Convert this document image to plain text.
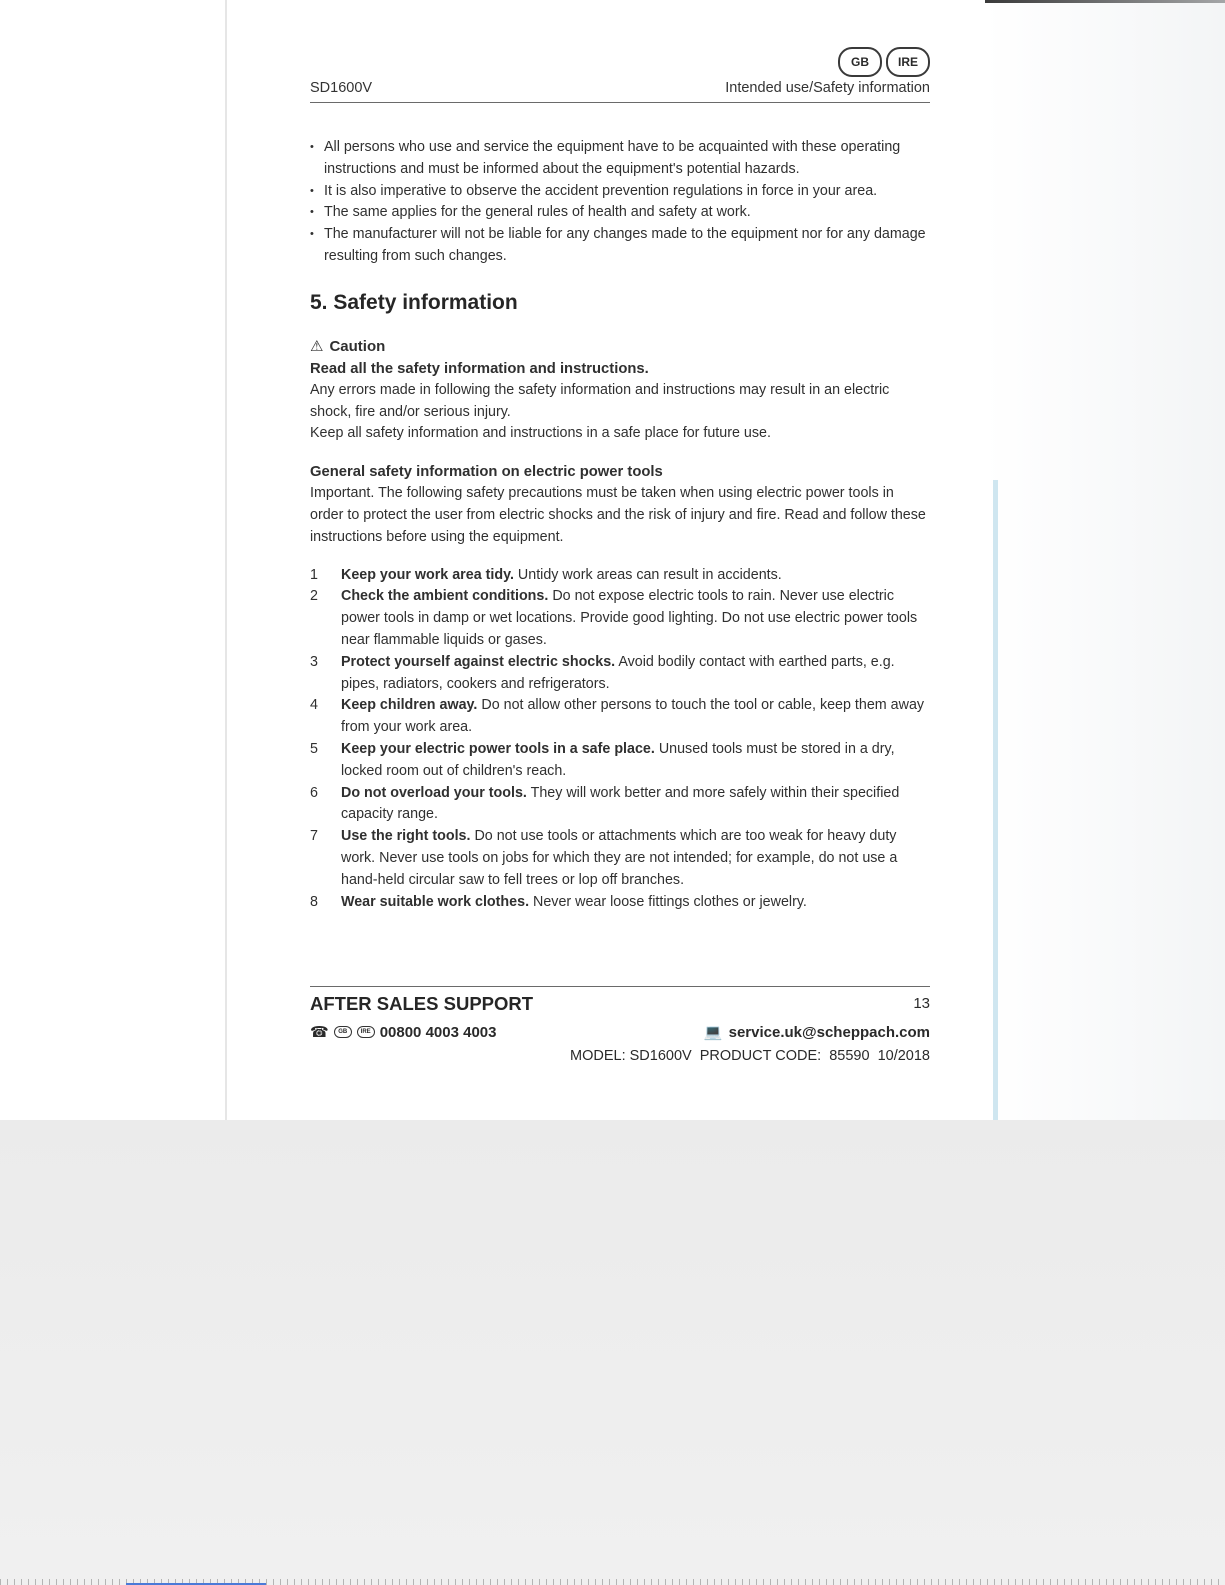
GB	IRE
SD1600V	Intended use/Safety information
• All persons who use and service the equipment have to be acquainted with these operating instructions and must be informed about the equipment's potential hazards.
• It is also imperative to observe the accident prevention regulations in force in your area.
• The same applies for the general rules of health and safety at work.
• The manufacturer will not be liable for any changes made to the equipment nor for any damage resulting from such changes.
5. Safety information

⚠ Caution

Read all the safety information and instructions.

Any errors made in following the safety information and instructions may result in an electric shock, fire and/or serious injury.

Keep all safety information and instructions in a safe place for future use.

General safety information on electric power tools

Important. The following safety precautions must be taken when using electric power tools in order to protect the user from electric shocks and the risk of injury and fire. Read and follow these instructions before using the equipment.

1 Keep your work area tidy. Untidy work areas can result in accidents.
2 Check the ambient conditions. Do not expose electric tools to rain. Never use electric power tools in damp or wet locations. Provide good lighting. Do not use electric power tools near flammable liquids or gases.
3 Protect yourself against electric shocks. Avoid bodily contact with earthed parts, e.g. pipes, radiators, cookers and refrigerators.
4 Keep children away. Do not allow other persons to touch the tool or cable, keep them away from your work area.
5 Keep your electric power tools in a safe place. Unused tools must be stored in a dry, locked room out of children's reach.
6 Do not overload your tools. They will work better and more safely within their specified capacity range.
7 Use the right tools. Do not use tools or attachments which are too weak for heavy duty work. Never use tools on jobs for which they are not intended; for example, do not use a hand-held circular saw to fell trees or lop off branches.
8 Wear suitable work clothes. Never wear loose fittings clothes or jewelry.
AFTER SALES SUPPORT	13
☎	GB	IRE 00800 4003 4003	💻 service.uk@scheppach.com
MODEL: SD1600V  PRODUCT CODE:  85590  10/2018
